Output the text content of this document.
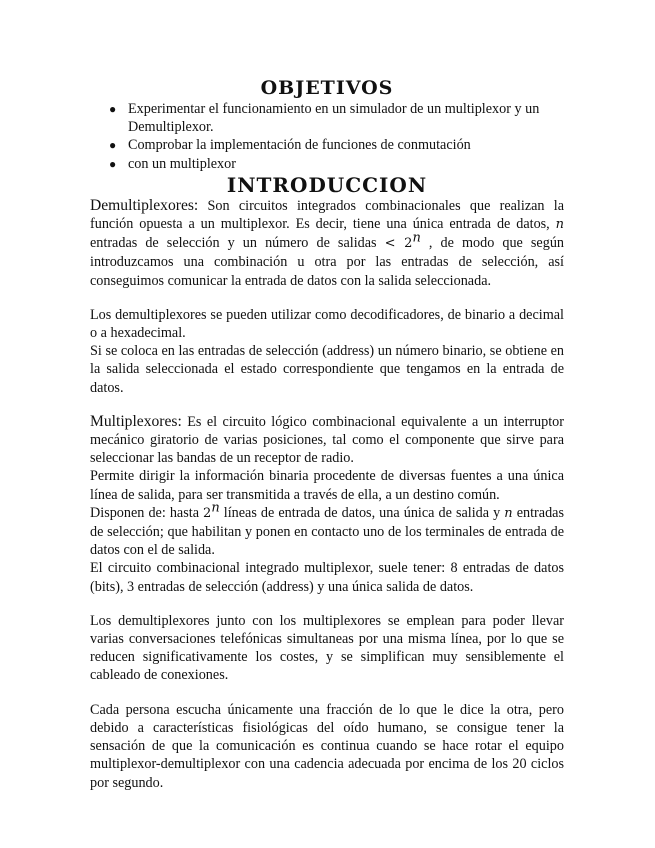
OBJETIVOS
● Experimentar el funcionamiento en un simulador de un multiplexor y un Demultiplexor.
● Comprobar la implementación de funciones de conmutación
● con un multiplexor
INTRODUCCION

Demultiplexores: Son circuitos integrados combinacionales que realizan la función opuesta a un multiplexor. Es decir, tiene una única entrada de datos, n entradas de selección y un número de salidas < $2^n$ , de modo que según introduzcamos una combinación u otra por las entradas de selección, así conseguimos comunicar la entrada de datos con la salida seleccionada.

Los demultiplexores se pueden utilizar como decodificadores, de binario a decimal o a hexadecimal.

Si se coloca en las entradas de selección (address) un número binario, se obtiene en la salida seleccionada el estado correspondiente que tengamos en la entrada de datos.

Multiplexores: Es el circuito lógico combinacional equivalente a un interruptor mecánico giratorio de varias posiciones, tal como el componente que sirve para seleccionar las bandas de un receptor de radio.

Permite dirigir la información binaria procedente de diversas fuentes a una única línea de salida, para ser transmitida a través de ella, a un destino común.

Disponen de: hasta 2$^n$ líneas de entrada de datos, una única de salida y n entradas de selección; que habilitan y ponen en contacto uno de los terminales de entrada de datos con el de salida.

El circuito combinacional integrado multiplexor, suele tener: 8 entradas de datos (bits), 3 entradas de selección (address) y una única salida de datos.

Los demultiplexores junto con los multiplexores se emplean para poder llevar varias conversaciones telefónicas simultaneas por una misma línea, por lo que se reducen significativamente los costes, y se simplifican muy sensiblemente el cableado de conexiones.

Cada persona escucha únicamente una fracción de lo que le dice la otra, pero debido a características fisiológicas del oído humano, se consigue tener la sensación de que la comunicación es continua cuando se hace rotar el equipo multiplexor-demultiplexor con una cadencia adecuada por encima de los 20 ciclos por segundo.
